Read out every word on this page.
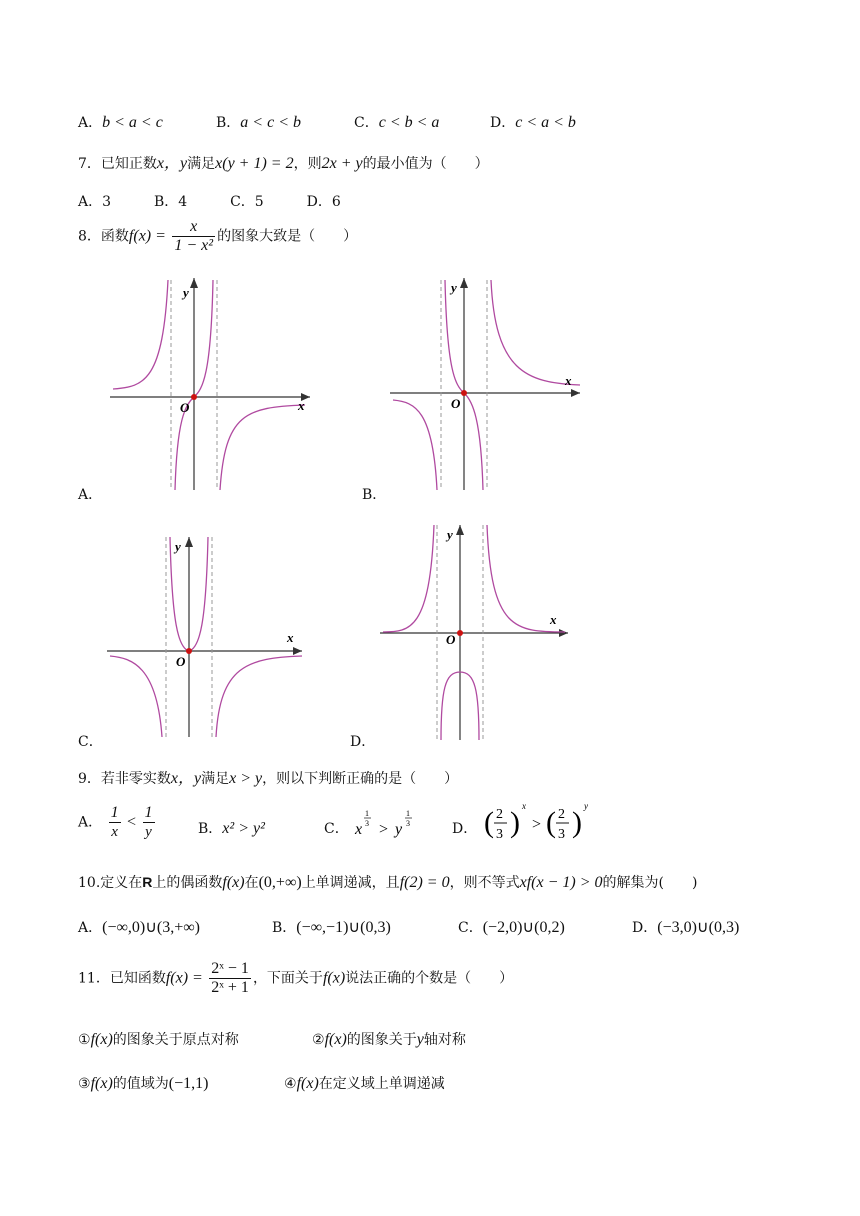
A．b < a < c	B．a < c < b	C．c < b < a	D．c < a < b
7．已知正数x，y满足x(y + 1) = 2，则2x + y的最小值为（　　）
A．3	B．4	C．5	D．6
8．函数$f(x) = \frac{x}{\text{1 − x²}}$ 的图象大致是（　　）
y
x
O
A．
y
x
O
B．
y
x
O
C．
y
x
O
D．
9．若非零实数x，y满足x > y，则以下判断正确的是（　　）
A． $\frac{1}{x} < \frac{1}{y}$	B．x² > y²	C． x
1
3 > y
1
3	D． ( 2
3 ) x
> ( 2
3 ) y
10.定义在R上的偶函数f(x)在(0,+∞)上单调递减，且f(2) = 0，则不等式xf(x − 1) > 0的解集为(　　)
A．(−∞,0)∪(3,+∞)	B．(−∞,−1)∪(0,3)	C．(−2,0)∪(0,2)	D．(−3,0)∪(0,3)
11．已知函数$f(x) = \frac{\text{2ˣ − 1}}{\text{2ˣ + 1}}$ ，下面关于f(x)说法正确的个数是（　　）
①f(x)的图象关于原点对称	②f(x)的图象关于y轴对称
③f(x)的值域为(−1,1)	④f(x)在定义域上单调递减
